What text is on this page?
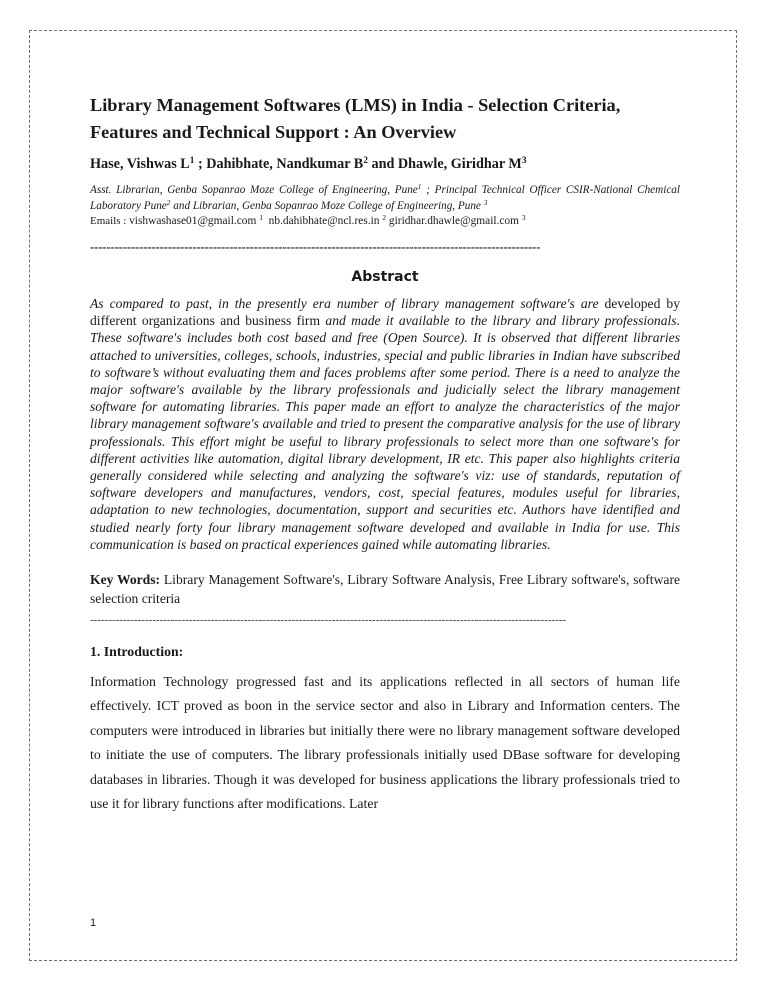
Library Management Softwares (LMS) in India - Selection Criteria, Features and Technical Support : An Overview
Hase, Vishwas $L^1$ ; Dahibhate, Nandkumar $B^2$ and Dhawle, Giridhar $M^3$
Asst. Librarian, Genba Sopanrao Moze College of Engineering, Pune$^1$ ; Principal Technical Officer CSIR-National Chemical Laboratory Pune$^2$ and Librarian, Genba Sopanrao Moze College of Engineering, Pune $^3$
Emails : vishwashase01@gmail.com $^1$ nb.dahibhate@ncl.res.in $^2$ giridhar.dhawle@gmail.com $^3$
--------------------------------------------------------------------------------------------------------------
Abstract
As compared to past, in the presently era number of library management software's are developed by different organizations and business firm and made it available to the library and library professionals. These software's includes both cost based and free (Open Source). It is observed that different libraries attached to universities, colleges, schools, industries, special and public libraries in Indian have subscribed to software’s without evaluating them and faces problems after some period. There is a need to analyze the major software's available by the library professionals and judicially select the library management software for automating libraries. This paper made an effort to analyze the characteristics of the major library management software's available and tried to present the comparative analysis for the use of library professionals. This effort might be useful to library professionals to select more than one software's for different activities like automation, digital library development, IR etc. This paper also highlights criteria generally considered while selecting and analyzing the software's viz: use of standards, reputation of software developers and manufactures, vendors, cost, special features, modules useful for libraries, adaptation to new technologies, documentation, support and securities etc. Authors have identified and studied nearly forty four library management software developed and available in India for use. This communication is based on practical experiences gained while automating libraries.
Key Words: Library Management Software's, Library Software Analysis, Free Library software's, software selection criteria
----------------------------------------------------------------------------------------------------------------------------------
1. Introduction:
Information Technology progressed fast and its applications reflected in all sectors of human life effectively. ICT proved as boon in the service sector and also in Library and Information centers. The computers were introduced in libraries but initially there were no library management software developed to initiate the use of computers. The library professionals initially used DBase software for developing databases in libraries. Though it was developed for business applications the library professionals tried to use it for library functions after modifications. Later
1
